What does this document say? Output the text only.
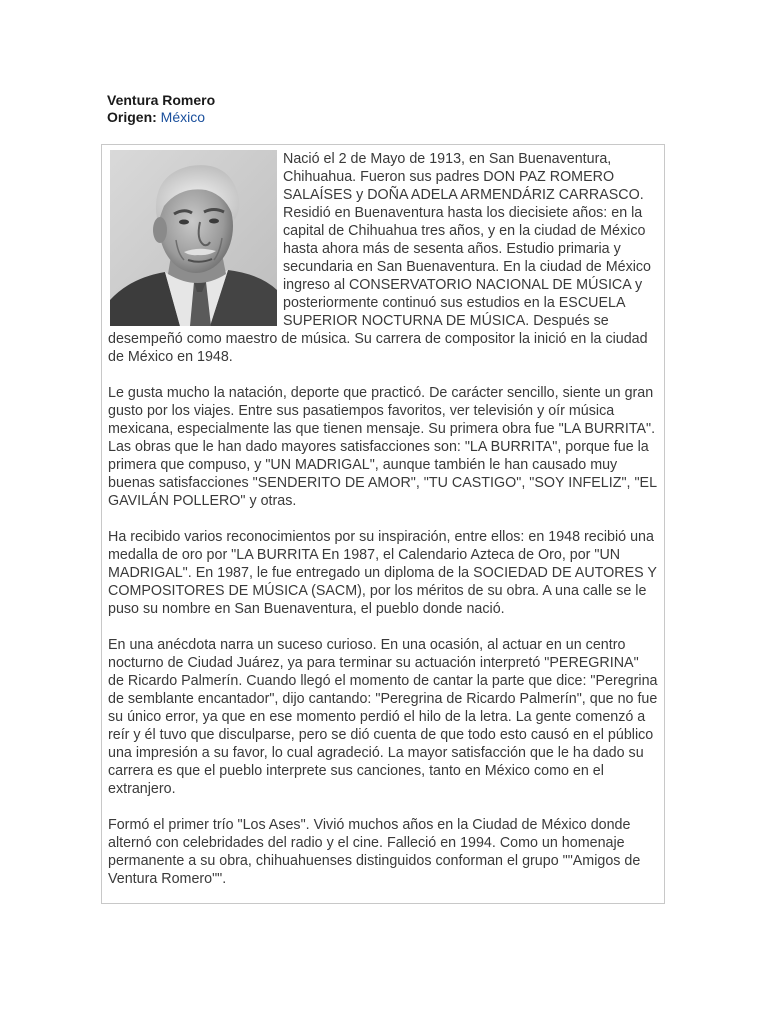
Ventura Romero
Origen: México

Nació el 2 de Mayo de 1913, en San Buenaventura, Chihuahua. Fueron sus padres DON PAZ ROMERO SALAÍSES y DOÑA ADELA ARMENDÁRIZ CARRASCO. Residió en Buenaventura hasta los diecisiete años: en la capital de Chihuahua tres años, y en la ciudad de México hasta ahora más de sesenta años. Estudio primaria y secundaria en San Buenaventura. En la ciudad de México ingreso al CONSERVATORIO NACIONAL DE MÚSICA y posteriormente continuó sus estudios en la ESCUELA SUPERIOR NOCTURNA DE MÚSICA. Después se desempeñó como maestro de música. Su carrera de compositor la inició en la ciudad de México en 1948.

Le gusta mucho la natación, deporte que practicó. De carácter sencillo, siente un gran gusto por los viajes. Entre sus pasatiempos favoritos, ver televisión y oír música mexicana, especialmente las que tienen mensaje. Su primera obra fue "LA BURRITA". Las obras que le han dado mayores satisfacciones son: "LA BURRITA", porque fue la primera que compuso, y "UN MADRIGAL", aunque también le han causado muy buenas satisfacciones "SENDERITO DE AMOR", "TU CASTIGO", "SOY INFELIZ", "EL GAVILÁN POLLERO" y otras.

Ha recibido varios reconocimientos por su inspiración, entre ellos: en 1948 recibió una medalla de oro por "LA BURRITA En 1987, el Calendario Azteca de Oro, por "UN MADRIGAL". En 1987, le fue entregado un diploma de la SOCIEDAD DE AUTORES Y COMPOSITORES DE MÚSICA (SACM), por los méritos de su obra. A una calle se le puso su nombre en San Buenaventura, el pueblo donde nació.

En una anécdota narra un suceso curioso. En una ocasión, al actuar en un centro nocturno de Ciudad Juárez, ya para terminar su actuación interpretó "PEREGRINA" de Ricardo Palmerín. Cuando llegó el momento de cantar la parte que dice: "Peregrina de semblante encantador", dijo cantando: "Peregrina de Ricardo Palmerín", que no fue su único error, ya que en ese momento perdió el hilo de la letra. La gente comenzó a reír y él tuvo que disculparse, pero se dió cuenta de que todo esto causó en el público una impresión a su favor, lo cual agradeció. La mayor satisfacción que le ha dado su carrera es que el pueblo interprete sus canciones, tanto en México como en el extranjero.

Formó el primer trío "Los Ases". Vivió muchos años en la Ciudad de México donde alternó con celebridades del radio y el cine. Falleció en 1994. Como un homenaje permanente a su obra, chihuahuenses distinguidos conforman el grupo ""Amigos de Ventura Romero"".
